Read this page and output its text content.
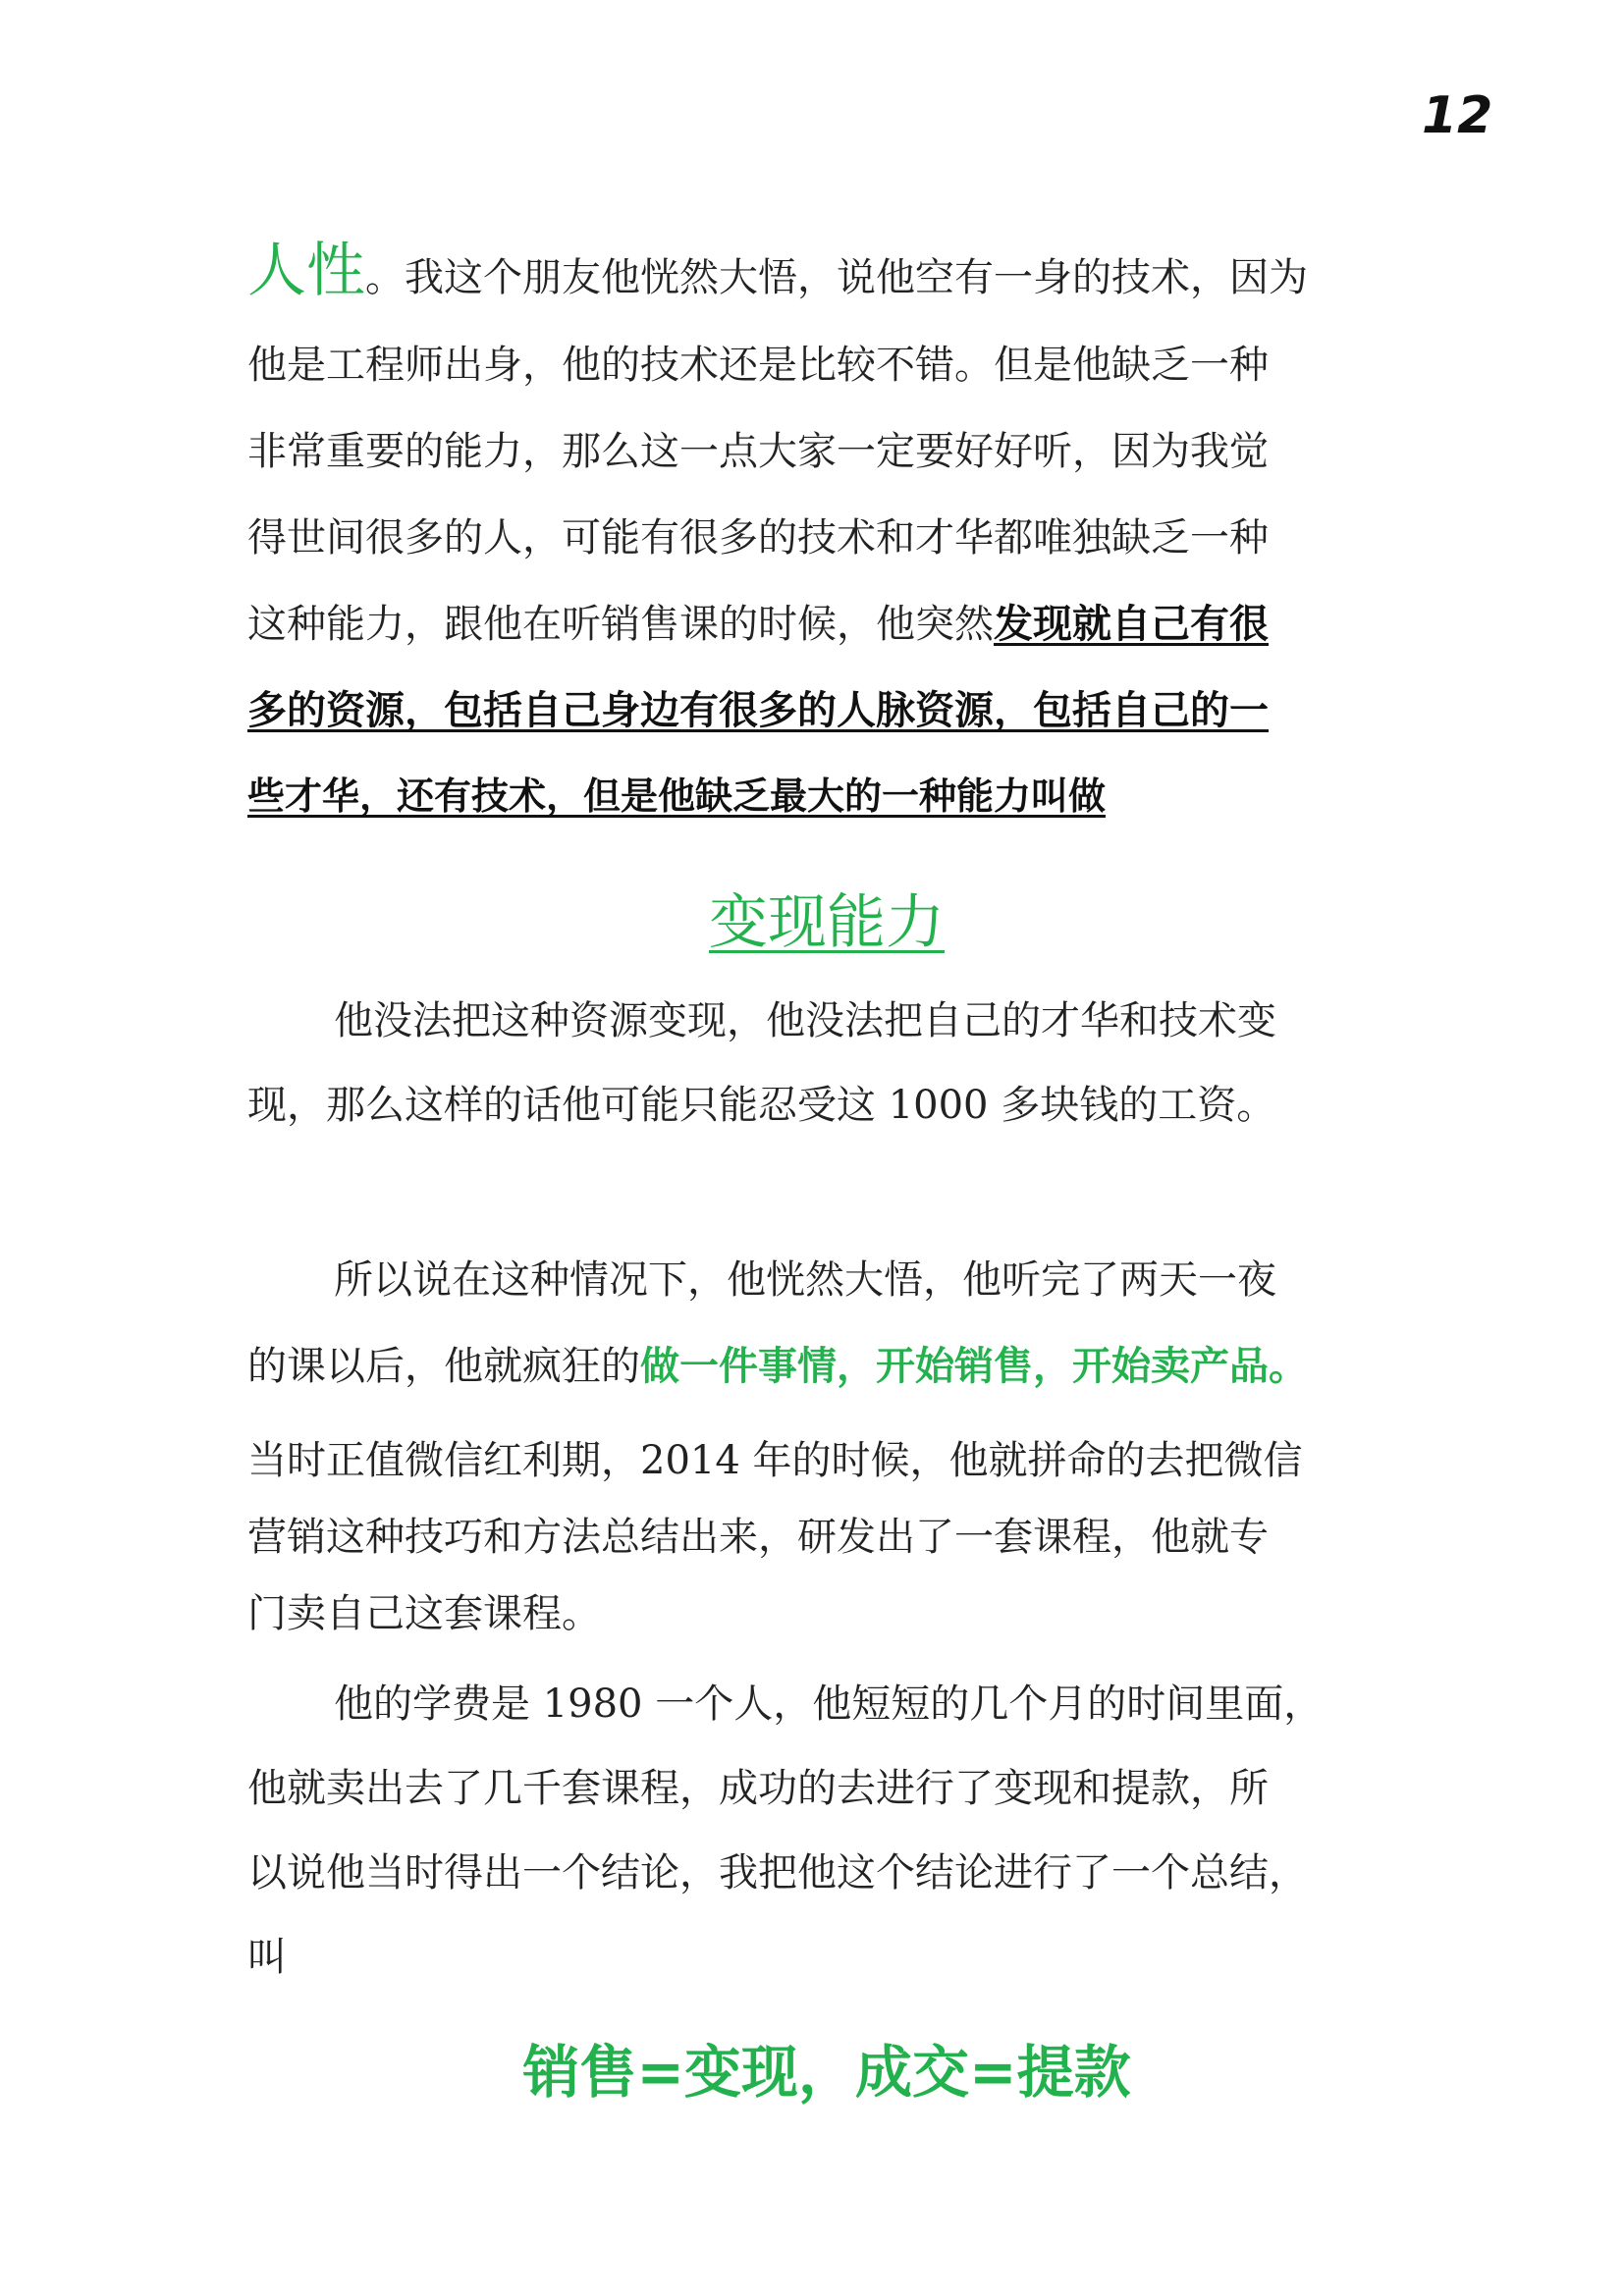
12
人性。我这个朋友他恍然大悟，说他空有一身的技术，因为
他是工程师出身，他的技术还是比较不错。但是他缺乏一种
非常重要的能力，那么这一点大家一定要好好听，因为我觉
得世间很多的人，可能有很多的技术和才华都唯独缺乏一种
这种能力，跟他在听销售课的时候，他突然发现就自己有很
多的资源，包括自己身边有很多的人脉资源，包括自己的一
些才华，还有技术，但是他缺乏最大的一种能力叫做
变现能力
他没法把这种资源变现，他没法把自己的才华和技术变
现，那么这样的话他可能只能忍受这 1000 多块钱的工资。
所以说在这种情况下，他恍然大悟，他听完了两天一夜
的课以后，他就疯狂的做一件事情，开始销售，开始卖产品。
当时正值微信红利期，2014 年的时候，他就拼命的去把微信
营销这种技巧和方法总结出来，研发出了一套课程，他就专
门卖自己这套课程。
他的学费是 1980 一个人，他短短的几个月的时间里面，
他就卖出去了几千套课程，成功的去进行了变现和提款，所
以说他当时得出一个结论，我把他这个结论进行了一个总结，
叫
销售=变现，成交=提款
